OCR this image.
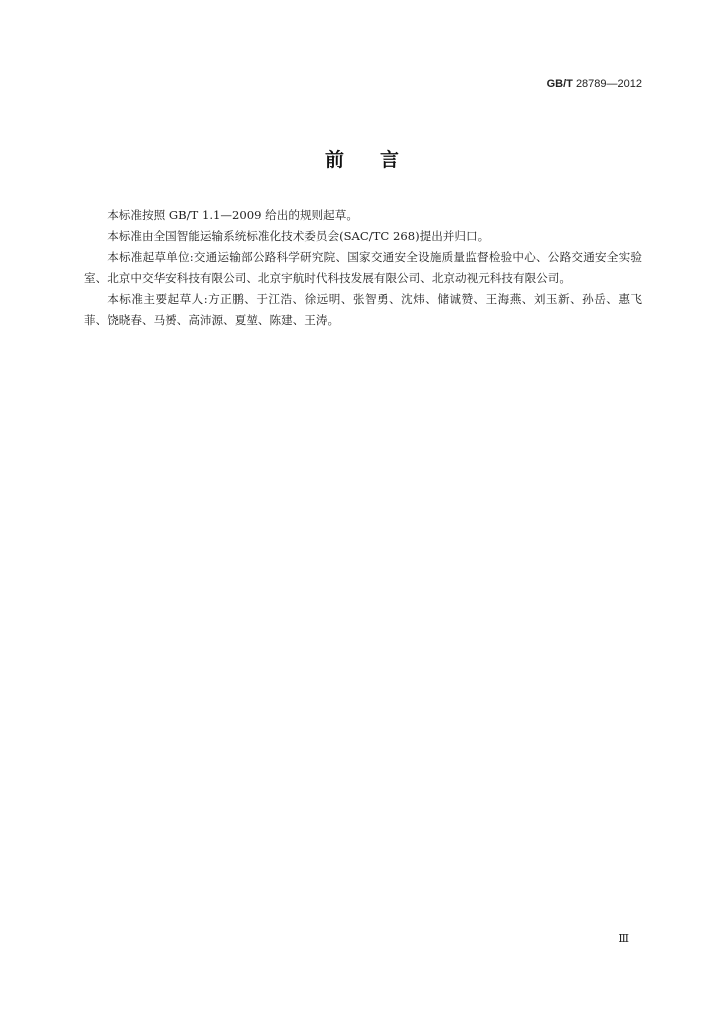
GB/T 28789—2012
前言

本标准按照 GB/T 1.1—2009 给出的规则起草。

本标准由全国智能运输系统标准化技术委员会(SAC/TC 268)提出并归口。

本标准起草单位:交通运输部公路科学研究院、国家交通安全设施质量监督检验中心、公路交通安全实验室、北京中交华安科技有限公司、北京宇航时代科技发展有限公司、北京动视元科技有限公司。

本标准主要起草人:方正鹏、于江浩、徐远明、张智勇、沈炜、储诚赞、王海燕、刘玉新、孙岳、惠飞菲、饶晓春、马赟、高沛源、夏堃、陈建、王涛。

Ⅲ
